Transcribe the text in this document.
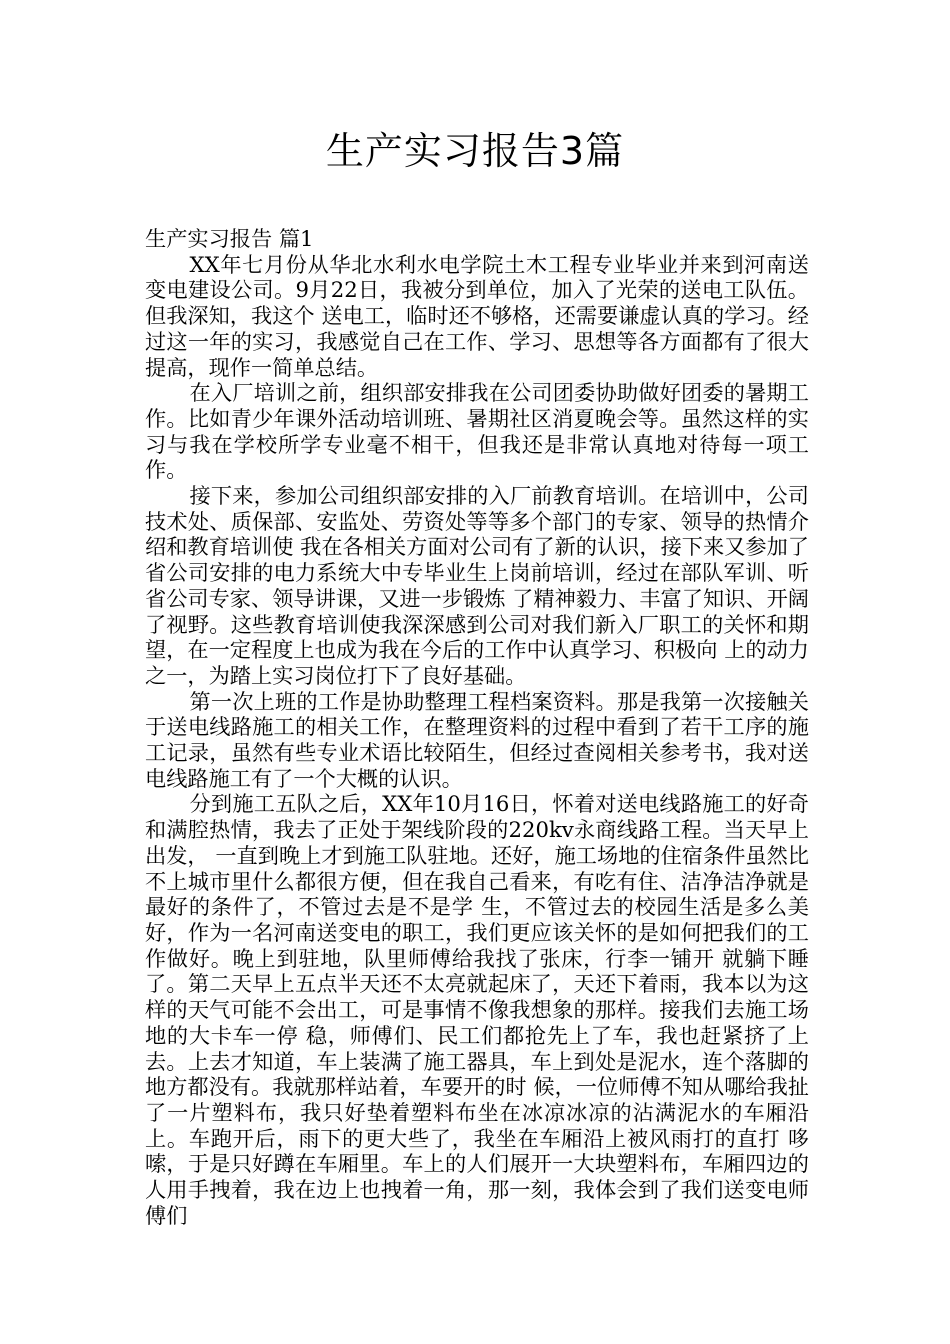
生产实习报告3篇

生产实习报告 篇1

XX年七月份从华北水利水电学院土木工程专业毕业并来到河南送变电建设公司。9月22日，我被分到单位，加入了光荣的送电工队伍。但我深知，我这个 送电工，临时还不够格，还需要谦虚认真的学习。经过这一年的实习，我感觉自己在工作、学习、思想等各方面都有了很大提高，现作一简单总结。

在入厂培训之前，组织部安排我在公司团委协助做好团委的暑期工作。比如青少年课外活动培训班、暑期社区消夏晚会等。虽然这样的实习与我在学校所学专业毫不相干，但我还是非常认真地对待每一项工作。

接下来，参加公司组织部安排的入厂前教育培训。在培训中，公司技术处、质保部、安监处、劳资处等等多个部门的专家、领导的热情介绍和教育培训使 我在各相关方面对公司有了新的认识，接下来又参加了省公司安排的电力系统大中专毕业生上岗前培训，经过在部队军训、听省公司专家、领导讲课，又进一步锻炼 了精神毅力、丰富了知识、开阔了视野。这些教育培训使我深深感到公司对我们新入厂职工的关怀和期望，在一定程度上也成为我在今后的工作中认真学习、积极向 上的动力之一，为踏上实习岗位打下了良好基础。

第一次上班的工作是协助整理工程档案资料。那是我第一次接触关于送电线路施工的相关工作，在整理资料的过程中看到了若干工序的施工记录，虽然有些专业术语比较陌生，但经过查阅相关参考书，我对送电线路施工有了一个大概的认识。

分到施工五队之后，XX年10月16日，怀着对送电线路施工的好奇和满腔热情，我去了正处于架线阶段的220kv永商线路工程。当天早上出发， 一直到晚上才到施工队驻地。还好，施工场地的住宿条件虽然比不上城市里什么都很方便，但在我自己看来，有吃有住、洁净洁净就是最好的条件了，不管过去是不是学 生，不管过去的校园生活是多么美好，作为一名河南送变电的职工，我们更应该关怀的是如何把我们的工作做好。晚上到驻地，队里师傅给我找了张床，行李一铺开 就躺下睡了。第二天早上五点半天还不太亮就起床了，天还下着雨，我本以为这样的天气可能不会出工，可是事情不像我想象的那样。接我们去施工场地的大卡车一停 稳，师傅们、民工们都抢先上了车，我也赶紧挤了上去。上去才知道，车上装满了施工器具，车上到处是泥水，连个落脚的地方都没有。我就那样站着，车要开的时 候，一位师傅不知从哪给我扯了一片塑料布，我只好垫着塑料布坐在冰凉冰凉的沾满泥水的车厢沿上。车跑开后，雨下的更大些了，我坐在车厢沿上被风雨打的直打 哆嗦，于是只好蹲在车厢里。车上的人们展开一大块塑料布，车厢四边的人用手拽着，我在边上也拽着一角，那一刻，我体会到了我们送变电师傅们
